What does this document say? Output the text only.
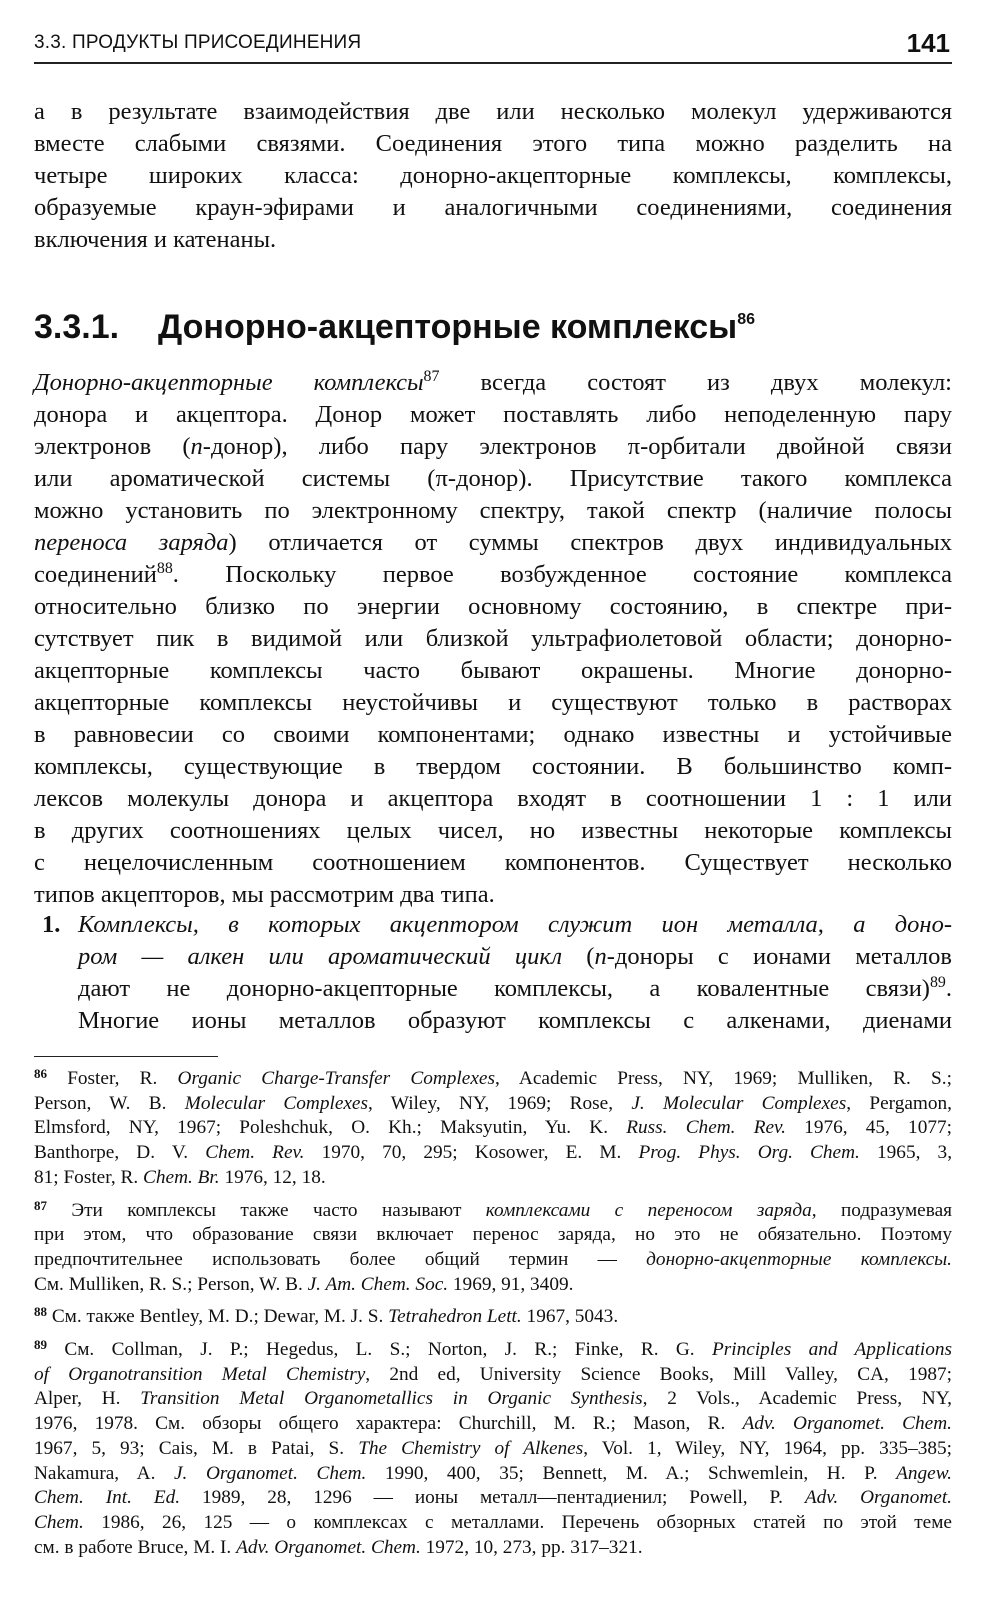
3.3. ПРОДУКТЫ ПРИСОЕДИНЕНИЯ	141
а в результате взаимодействия две или несколько молекул удерживаются
вместе слабыми связями. Соединения этого типа можно разделить на
четыре широких класса: донорно-акцепторные комплексы, комплексы,
образуемые краун-эфирами и аналогичными соединениями, соединения
включения и катенаны.
3.3.1. Донорно-акцепторные комплексы$^{86}$
Донорно-акцепторные комплексы$^{87}$ всегда состоят из двух молекул:
донора и акцептора. Донор может поставлять либо неподеленную пару
электронов (n-донор), либо пару электронов π-орбитали двойной связи
или ароматической системы (π-донор). Присутствие такого комплекса
можно установить по электронному спектру, такой спектр (наличие полосы
переноса заряда) отличается от суммы спектров двух индивидуальных
соединений$^{88}$. Поскольку первое возбужденное состояние комплекса
относительно близко по энергии основному состоянию, в спектре при-
сутствует пик в видимой или близкой ультрафиолетовой области; донорно-
акцепторные комплексы часто бывают окрашены. Многие донорно-
акцепторные комплексы неустойчивы и существуют только в растворах
в равновесии со своими компонентами; однако известны и устойчивые
комплексы, существующие в твердом состоянии. В большинство комп-
лексов молекулы донора и акцептора входят в соотношении 1 : 1 или
в других соотношениях целых чисел, но известны некоторые комплексы
с нецелочисленным соотношением компонентов. Существует несколько
типов акцепторов, мы рассмотрим два типа.
1. Комплексы, в которых акцептором служит ион металла, а доно-
ром — алкен или ароматический цикл (n-доноры с ионами металлов
дают не донорно-акцепторные комплексы, а ковалентные связи)$^{89}$.
Многие ионы металлов образуют комплексы с алкенами, диенами
$^{86}$ Foster, R. Organic Charge-Transfer Complexes, Academic Press, NY, 1969; Mulliken, R. S.;
Person, W. B. Molecular Complexes, Wiley, NY, 1969; Rose, J. Molecular Complexes, Pergamon,
Elmsford, NY, 1967; Poleshchuk, O. Kh.; Maksyutin, Yu. K. Russ. Chem. Rev. 1976, 45, 1077;
Banthorpe, D. V. Chem. Rev. 1970, 70, 295; Kosower, E. M. Prog. Phys. Org. Chem. 1965, 3,
81; Foster, R. Chem. Br. 1976, 12, 18.
$^{87}$ Эти комплексы также часто называют комплексами с переносом заряда, подразумевая
при этом, что образование связи включает перенос заряда, но это не обязательно. Поэтому
предпочтительнее использовать более общий термин — донорно-акцепторные комплексы.
См. Mulliken, R. S.; Person, W. B. J. Am. Chem. Soc. 1969, 91, 3409.
$^{88}$ См. также Bentley, M. D.; Dewar, M. J. S. Tetrahedron Lett. 1967, 5043.
$^{89}$ См. Collman, J. P.; Hegedus, L. S.; Norton, J. R.; Finke, R. G. Principles and Applications
of Organotransition Metal Chemistry, 2nd ed, University Science Books, Mill Valley, CA, 1987;
Alper, H. Transition Metal Organometallics in Organic Synthesis, 2 Vols., Academic Press, NY,
1976, 1978. См. обзоры общего характера: Churchill, M. R.; Mason, R. Adv. Organomet. Chem.
1967, 5, 93; Cais, M. в Patai, S. The Chemistry of Alkenes, Vol. 1, Wiley, NY, 1964, pp. 335–385;
Nakamura, A. J. Organomet. Chem. 1990, 400, 35; Bennett, M. A.; Schwemlein, H. P. Angew.
Chem. Int. Ed. 1989, 28, 1296 — ионы металл—пентадиенил; Powell, P. Adv. Organomet.
Chem. 1986, 26, 125 — о комплексах с металлами. Перечень обзорных статей по этой теме
см. в работе Bruce, M. I. Adv. Organomet. Chem. 1972, 10, 273, pp. 317–321.
